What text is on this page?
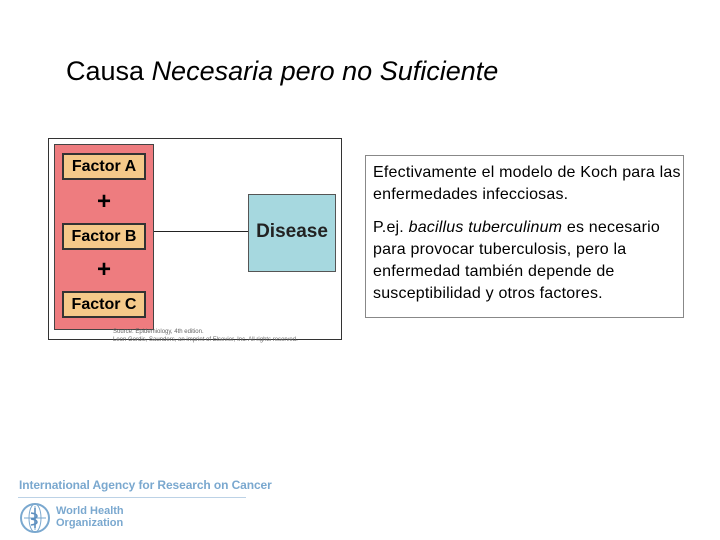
Causa Necesaria pero no Suficiente
Factor A
+
Factor B
+
Factor C
Disease
Source: Epidemiology, 4th edition.
Leon Gordis, Saunders, an imprint of Elsevier, Inc. All rights reserved.

Efectivamente el modelo de Koch para las enfermedades infecciosas.

P.ej. bacillus tuberculinum es necesario para provocar tuberculosis, pero la enfermedad también depende de susceptibilidad y otros factores.

International Agency for Research on Cancer
World Health
Organization
